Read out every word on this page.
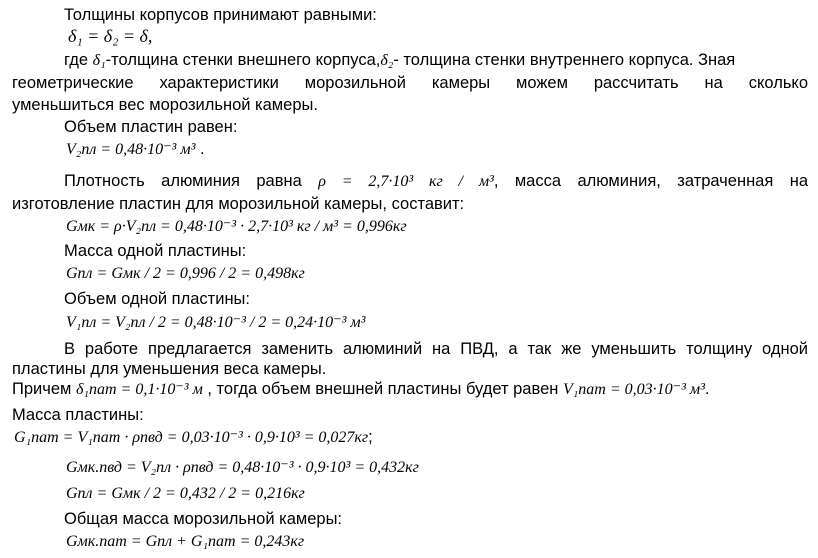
Толщины корпусов принимают равными:
δ₁ = δ₂ = δ,
где δ₁-толщина стенки внешнего корпуса,δ₂- толщина стенки внутреннего корпуса. Зная
геометрические характеристики морозильной камеры можем рассчитать на сколько
уменьшиться вес морозильной камеры.
Объем пластин равен:
V₂пл = 0,48·10⁻³ м³ .
Плотность алюминия равна ρ = 2,7·10³ кг / м³, масса алюминия, затраченная на
изготовление пластин для морозильной камеры, составит:
Gмк = ρ·V₂пл = 0,48·10⁻³ · 2,7·10³ кг / м³ = 0,996кг
Масса одной пластины:
Gпл = Gмк / 2 = 0,996 / 2 = 0,498кг
Объем одной пластины:
V₁пл = V₂пл / 2 = 0,48·10⁻³ / 2 = 0,24·10⁻³ м³
В работе предлагается заменить алюминий на ПВД, а так же уменьшить толщину одной
пластины для уменьшения веса камеры.
Причем δ₁пат = 0,1·10⁻³ м , тогда объем внешней пластины будет равен V₁пат = 0,03·10⁻³ м³.
Масса пластины:
G₁пат = V₁пат · ρпвд = 0,03·10⁻³ · 0,9·10³ = 0,027кг;
Gмк.пвд = V₂пл · ρпвд = 0,48·10⁻³ · 0,9·10³ = 0,432кг
Gпл = Gмк / 2 = 0,432 / 2 = 0,216кг
Общая масса морозильной камеры:
Gмк.пат = Gпл + G₁пат = 0,243кг
